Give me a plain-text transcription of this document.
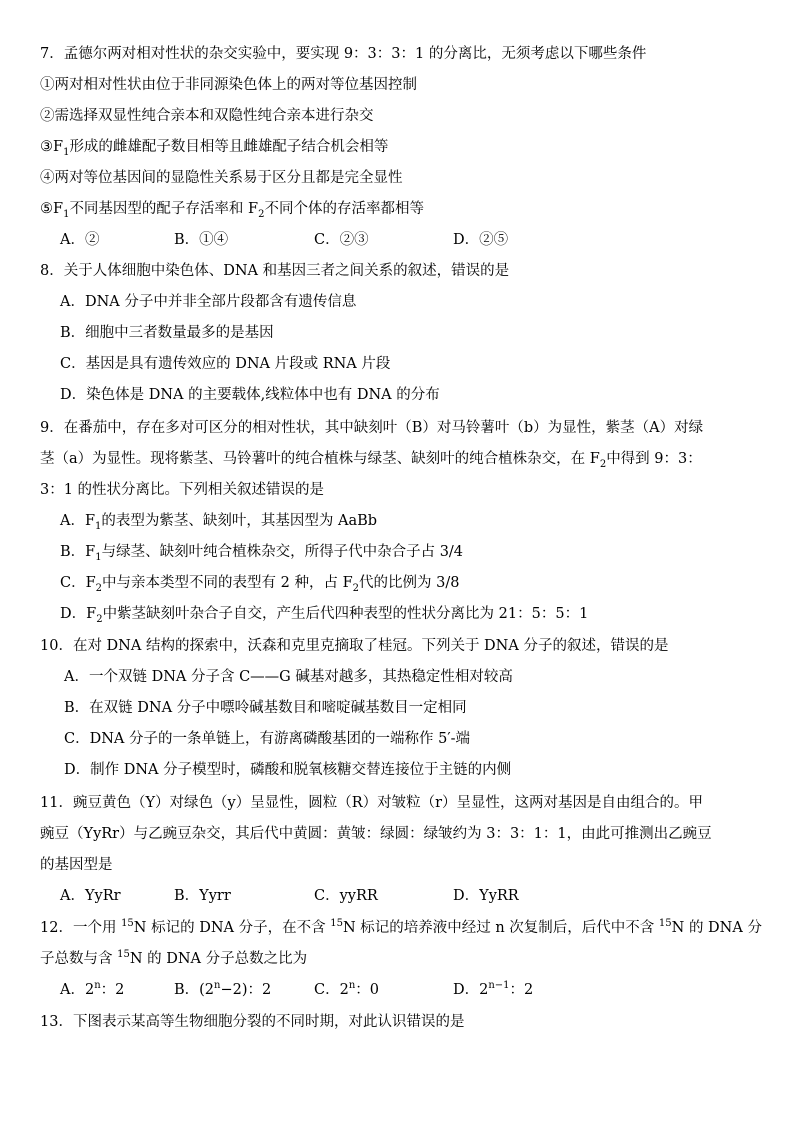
7．孟德尔两对相对性状的杂交实验中，要实现 9：3：3：1 的分离比，无须考虑以下哪些条件
①两对相对性状由位于非同源染色体上的两对等位基因控制
②需选择双显性纯合亲本和双隐性纯合亲本进行杂交
$③F_1$形成的雌雄配子数目相等且雌雄配子结合机会相等
④两对等位基因间的显隐性关系易于区分且都是完全显性
$⑤F_1$不同基因型的配子存活率和 $F_2$不同个体的存活率都相等
A．②	B．①④	C．②③	D．②⑤
8．关于人体细胞中染色体、DNA 和基因三者之间关系的叙述，错误的是
A．DNA 分子中并非全部片段都含有遗传信息
B．细胞中三者数量最多的是基因
C．基因是具有遗传效应的 DNA 片段或 RNA 片段
D．染色体是 DNA 的主要载体,线粒体中也有 DNA 的分布
9．在番茄中，存在多对可区分的相对性状，其中缺刻叶（B）对马铃薯叶（b）为显性，紫茎（A）对绿
茎（a）为显性。现将紫茎、马铃薯叶的纯合植株与绿茎、缺刻叶的纯合植株杂交，在 $F_2$中得到 9：3：
3：1 的性状分离比。下列相关叙述错误的是
A．$F_1$的表型为紫茎、缺刻叶，其基因型为 AaBb
B．$F_1$与绿茎、缺刻叶纯合植株杂交，所得子代中杂合子占 3/4
C．$F_2$中与亲本类型不同的表型有 2 种，占 $F_2$代的比例为 3/8
D．$F_2$中紫茎缺刻叶杂合子自交，产生后代四种表型的性状分离比为 21：5：5：1
10．在对 DNA 结构的探索中，沃森和克里克摘取了桂冠。下列关于 DNA 分子的叙述，错误的是
A．一个双链 DNA 分子含 C——G 碱基对越多，其热稳定性相对较高
B．在双链 DNA 分子中嘌呤碱基数目和嘧啶碱基数目一定相同
C．DNA 分子的一条单链上，有游离磷酸基团的一端称作 5′-端
D．制作 DNA 分子模型时，磷酸和脱氧核糖交替连接位于主链的内侧
11．豌豆黄色（Y）对绿色（y）呈显性，圆粒（R）对皱粒（r）呈显性，这两对基因是自由组合的。甲
豌豆（YyRr）与乙豌豆杂交，其后代中黄圆：黄皱：绿圆：绿皱约为 3：3：1：1，由此可推测出乙豌豆
的基因型是
A．YyRr	B．Yyrr	C．yyRR	D．YyRR
12．一个用 $^{15}$N 标记的 DNA 分子，在不含 $^{15}$N 标记的培养液中经过 n 次复制后，后代中不含 $^{15}$N 的 DNA 分
子总数与含 $^{15}$N 的 DNA 分子总数之比为
A．2$^n$：2	B．$(2^n-2)$：2	C．2$^n$：0	D．$2^{n-1}$：2
13．下图表示某高等生物细胞分裂的不同时期，对此认识错误的是
